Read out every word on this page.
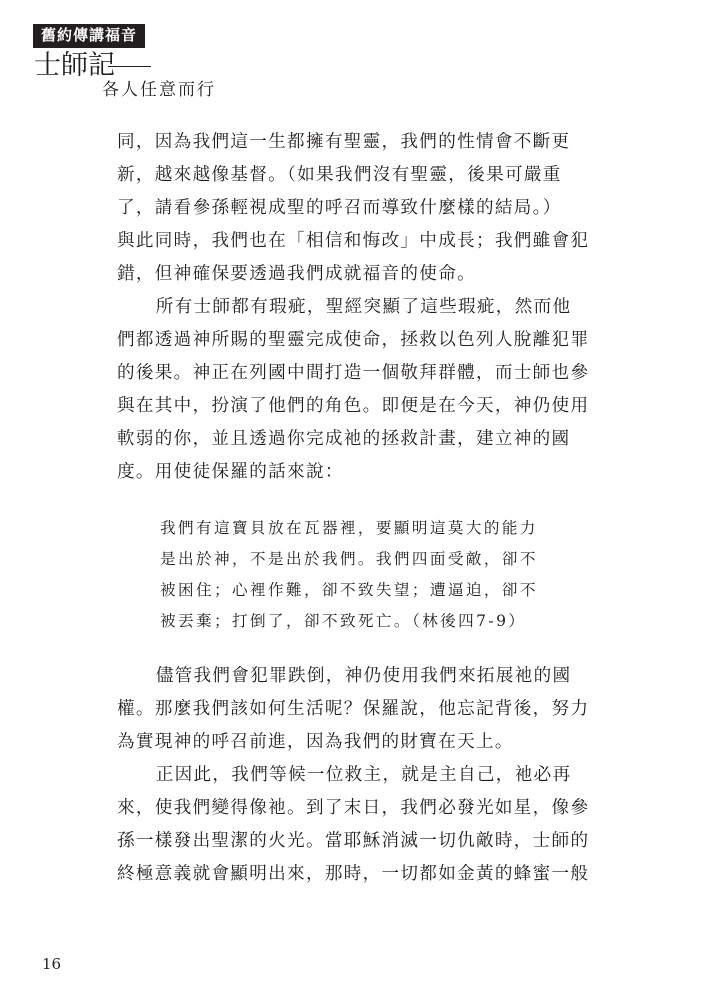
舊約傳講福音
士師記
各人任意而行

同，因為我們這一生都擁有聖靈，我們的性情會不斷更
新，越來越像基督。（如果我們沒有聖靈，後果可嚴重
了，請看參孫輕視成聖的呼召而導致什麼樣的結局。）
與此同時，我們也在「相信和悔改」中成長；我們雖會犯
錯，但神確保要透過我們成就福音的使命。

所有士師都有瑕疵，聖經突顯了這些瑕疵，然而他
們都透過神所賜的聖靈完成使命，拯救以色列人脫離犯罪
的後果。神正在列國中間打造一個敬拜群體，而士師也參
與在其中，扮演了他們的角色。即便是在今天，神仍使用
軟弱的你，並且透過你完成祂的拯救計畫，建立神的國
度。用使徒保羅的話來說：

我們有這寶貝放在瓦器裡，要顯明這莫大的能力

是出於神，不是出於我們。我們四面受敵，卻不

被困住；心裡作難，卻不致失望；遭逼迫，卻不

被丟棄；打倒了，卻不致死亡。（林後四7-9）

儘管我們會犯罪跌倒，神仍使用我們來拓展祂的國
權。那麼我們該如何生活呢？保羅說，他忘記背後，努力
為實現神的呼召前進，因為我們的財寶在天上。

正因此，我們等候一位救主，就是主自己，祂必再
來，使我們變得像祂。到了末日，我們必發光如星，像參
孫一樣發出聖潔的火光。當耶穌消滅一切仇敵時，士師的
終極意義就會顯明出來，那時，一切都如金黃的蜂蜜一般

16
